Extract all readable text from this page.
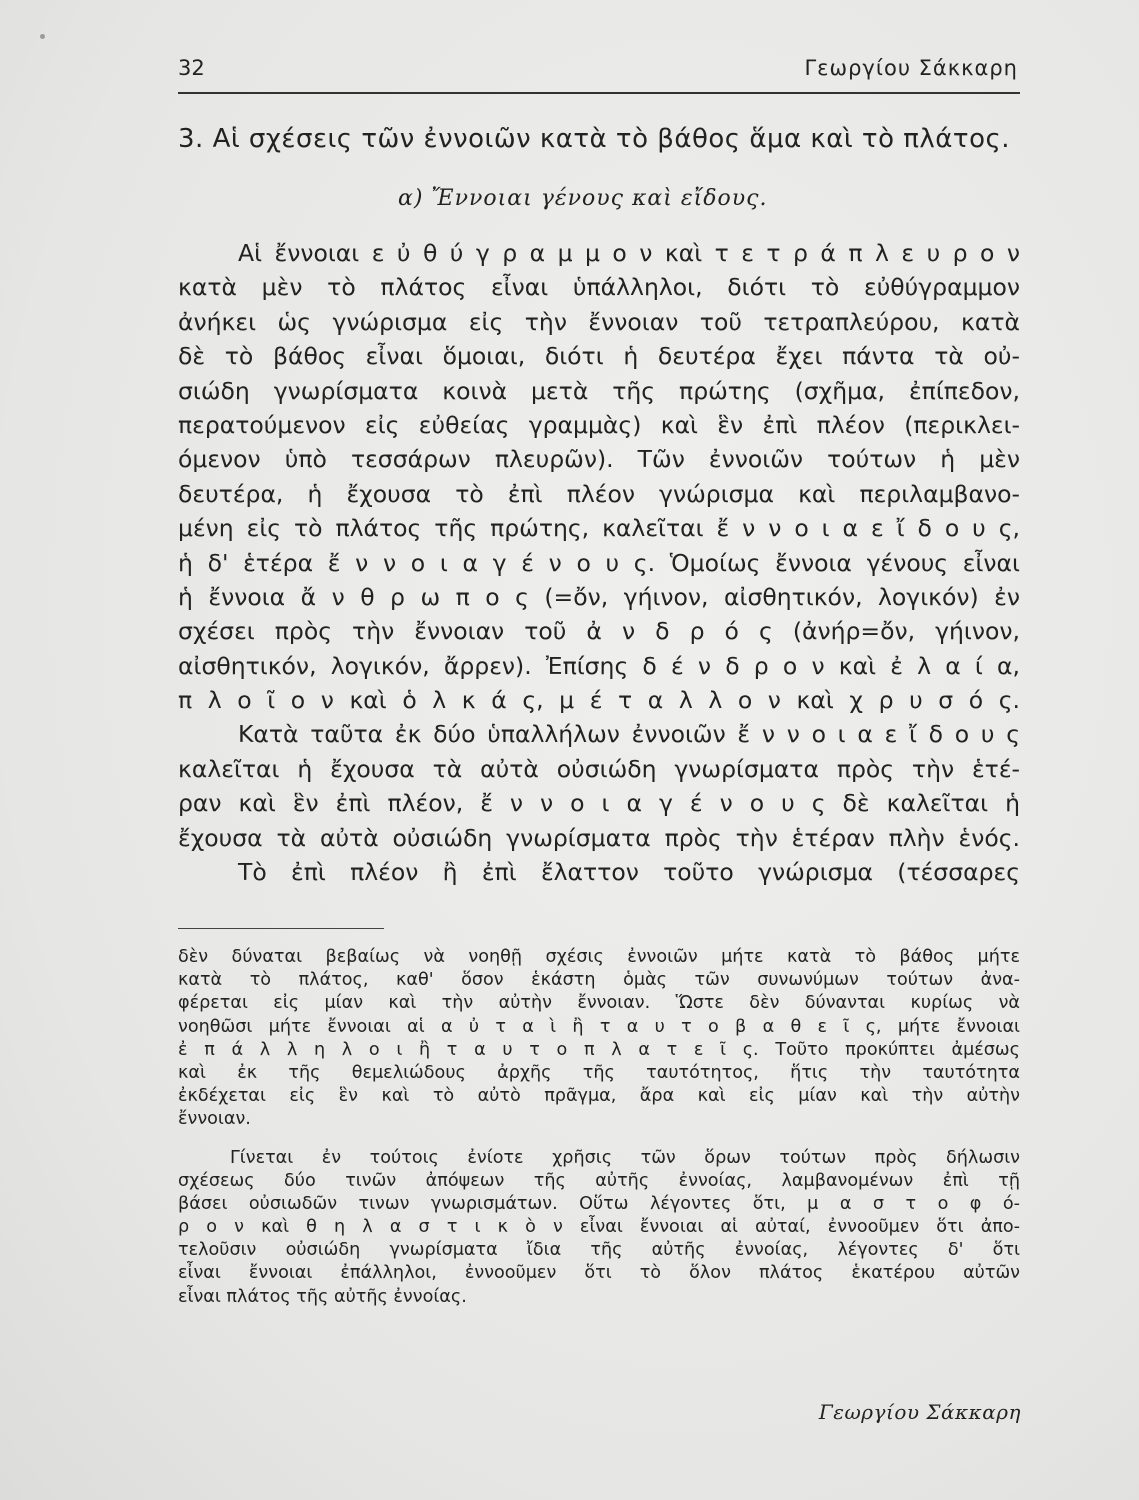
32	Γεωργίου Σάκκαρη
3. Αἱ σχέσεις τῶν ἐννοιῶν κατὰ τὸ βάθος ἅμα καὶ τὸ πλάτος.
α) Ἔννοιαι γένους καὶ εἴδους.
Αἱ ἔννοιαι ε ὐ θ ύ γ ρ α μ μ ο ν καὶ τ ε τ ρ ά π λ ε υ ρ ο ν
κατὰ μὲν τὸ πλάτος εἶναι ὑπάλληλοι, διότι τὸ εὐθύγραμμον
ἀνήκει ὡς γνώρισμα εἰς τὴν ἔννοιαν τοῦ τετραπλεύρου, κατὰ
δὲ τὸ βάθος εἶναι ὅμοιαι, διότι ἡ δευτέρα ἔχει πάντα τὰ οὐ-
σιώδη γνωρίσματα κοινὰ μετὰ τῆς πρώτης (σχῆμα, ἐπίπεδον,
περατούμενον εἰς εὐθείας γραμμὰς) καὶ ἓν ἐπὶ πλέον (περικλει-
όμενον ὑπὸ τεσσάρων πλευρῶν). Τῶν ἐννοιῶν τούτων ἡ μὲν
δευτέρα, ἡ ἔχουσα τὸ ἐπὶ πλέον γνώρισμα καὶ περιλαμβανο-
μένη εἰς τὸ πλάτος τῆς πρώτης, καλεῖται ἔ ν ν ο ι α ε ἴ δ ο υ ς,
ἡ δ' ἑτέρα ἔ ν ν ο ι α γ έ ν ο υ ς. Ὁμοίως ἔννοια γένους εἶναι
ἡ ἔννοια ἄ ν θ ρ ω π ο ς (=ὄν, γήινον, αἰσθητικόν, λογικόν) ἐν
σχέσει πρὸς τὴν ἔννοιαν τοῦ ἀ ν δ ρ ό ς (ἀνήρ=ὄν, γήινον,
αἰσθητικόν, λογικόν, ἄρρεν). Ἐπίσης δ έ ν δ ρ ο ν καὶ ἐ λ α ί α,
π λ ο ῖ ο ν καὶ ὁ λ κ ά ς, μ έ τ α λ λ ο ν καὶ χ ρ υ σ ό ς.
Κατὰ ταῦτα ἐκ δύο ὑπαλλήλων ἐννοιῶν ἔ ν ν ο ι α ε ἴ δ ο υ ς
καλεῖται ἡ ἔχουσα τὰ αὐτὰ οὐσιώδη γνωρίσματα πρὸς τὴν ἑτέ-
ραν καὶ ἓν ἐπὶ πλέον, ἔ ν ν ο ι α γ έ ν ο υ ς δὲ καλεῖται ἡ
ἔχουσα τὰ αὐτὰ οὐσιώδη γνωρίσματα πρὸς τὴν ἑτέραν πλὴν ἑνός.
Τὸ ἐπὶ πλέον ἢ ἐπὶ ἔλαττον τοῦτο γνώρισμα (τέσσαρες
δὲν δύναται βεβαίως νὰ νοηθῇ σχέσις ἐννοιῶν μήτε κατὰ τὸ βάθος μήτε
κατὰ τὸ πλάτος, καθ' ὅσον ἑκάστη ὁμὰς τῶν συνωνύμων τούτων ἀνα-
φέρεται εἰς μίαν καὶ τὴν αὐτὴν ἔννοιαν. Ὥστε δὲν δύνανται κυρίως νὰ
νοηθῶσι μήτε ἔννοιαι αἱ α ὐ τ α ὶ ἢ τ α υ τ ο β α θ ε ῖ ς, μήτε ἔννοιαι
ἐ π ά λ λ η λ ο ι ἢ τ α υ τ ο π λ α τ ε ῖ ς. Τοῦτο προκύπτει ἀμέσως
καὶ ἐκ τῆς θεμελιώδους ἀρχῆς τῆς ταυτότητος, ἥτις τὴν ταυτότητα
ἐκδέχεται εἰς ἓν καὶ τὸ αὐτὸ πρᾶγμα, ἄρα καὶ εἰς μίαν καὶ τὴν αὐτὴν
ἔννοιαν.
Γίνεται ἐν τούτοις ἐνίοτε χρῆσις τῶν ὅρων τούτων πρὸς δήλωσιν
σχέσεως δύο τινῶν ἀπόψεων τῆς αὐτῆς ἐννοίας, λαμβανομένων ἐπὶ τῇ
βάσει οὐσιωδῶν τινων γνωρισμάτων. Οὕτω λέγοντες ὅτι, μ α σ τ ο φ ό-
ρ ο ν καὶ θ η λ α σ τ ι κ ὸ ν εἶναι ἔννοιαι αἱ αὐταί, ἐννοοῦμεν ὅτι ἀπο-
τελοῦσιν οὐσιώδη γνωρίσματα ἴδια τῆς αὐτῆς ἐννοίας, λέγοντες δ' ὅτι
εἶναι ἔννοιαι ἐπάλληλοι, ἐννοοῦμεν ὅτι τὸ ὅλον πλάτος ἑκατέρου αὐτῶν
εἶναι πλάτος τῆς αὐτῆς ἐννοίας.
Γεωργίου Σάκκαρη
